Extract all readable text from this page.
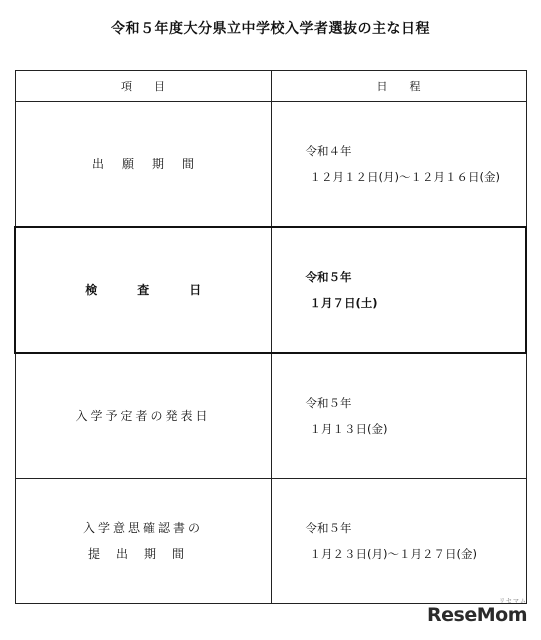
令和５年度大分県立中学校入学者選抜の主な日程
項　　目	日　　程
出願期間	令和４年
１２月１２日(月)～１２月１６日(金)

検査日	令和５年
１月７日(土)

入学予定者の発表日	令和５年
１月１３日(金)

入学意思確認書の
提出期間	令和５年
１月２３日(月)～１月２７日(金)
リセマム
ReseMom
